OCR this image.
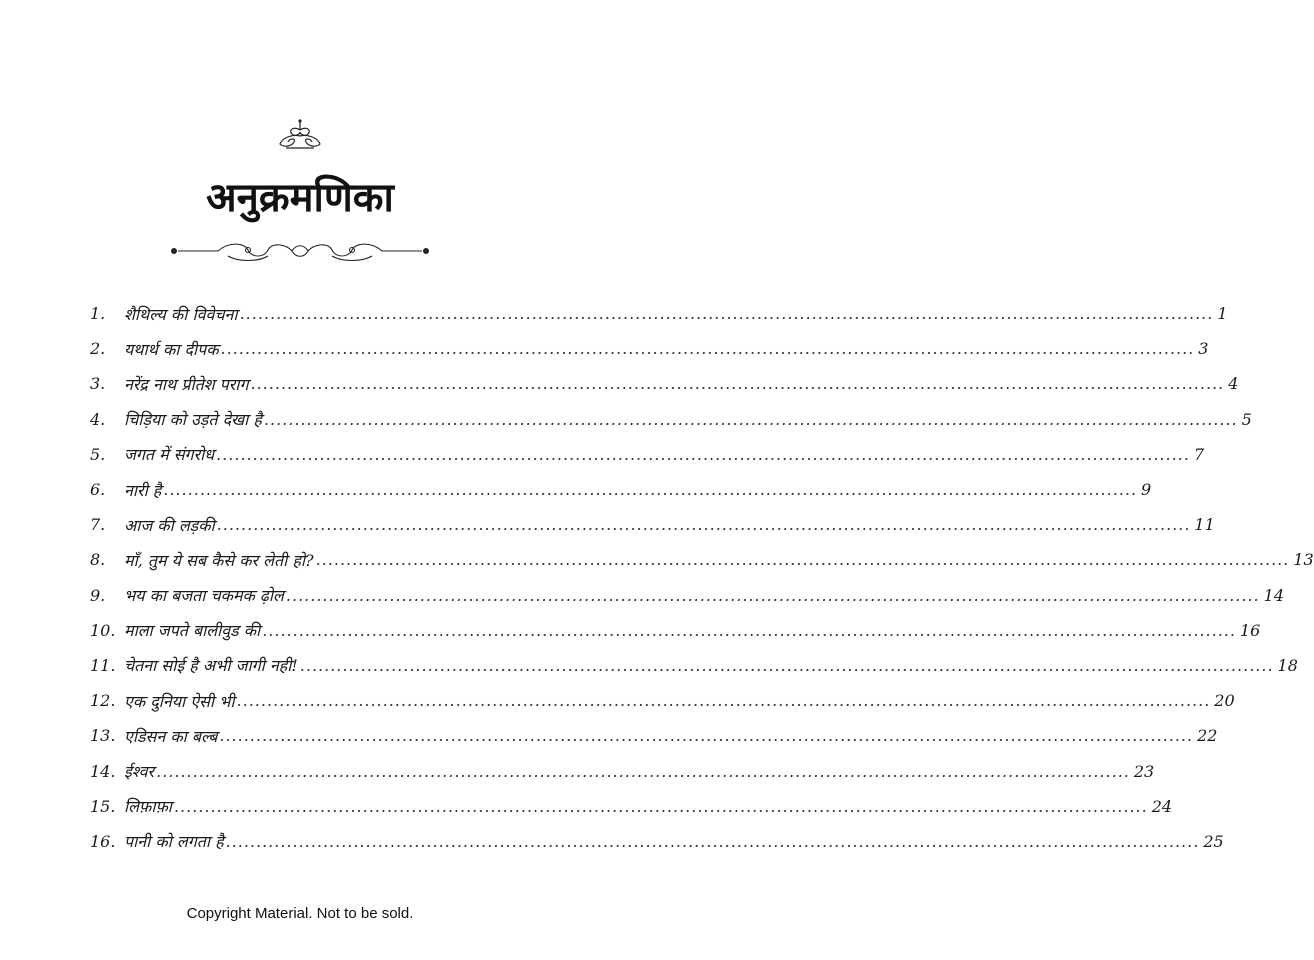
अनुक्रमणिका
1.	शैथिल्य की विवेचना ................................................................................................................................................................ 1
2.	यथार्थ का दीपक ................................................................................................................................................................ 3
3.	नरेंद्र नाथ प्रीतेश पराग ................................................................................................................................................................ 4
4.	चिड़िया को उड़ते देखा है ................................................................................................................................................................ 5
5.	जगत में संगरोध ................................................................................................................................................................ 7
6.	नारी है ................................................................................................................................................................ 9
7.	आज की लड़की ................................................................................................................................................................ 11
8.	माँ, तुम ये सब कैसे कर लेती हो? ................................................................................................................................................................ 13
9.	भय का बजता चकमक ढ़ोल ................................................................................................................................................................ 14
10. माला जपते बालीवुड की ................................................................................................................................................................ 16
11. चेतना सोई है अभी जागी नही! ................................................................................................................................................................ 18
12. एक दुनिया ऐसी भी ................................................................................................................................................................ 20
13. एडिसन का बल्ब ................................................................................................................................................................ 22
14. ईश्वर ................................................................................................................................................................ 23
15. लिफ़ाफ़ा ................................................................................................................................................................ 24
16. पानी को लगता है ................................................................................................................................................................ 25
Copyright Material. Not to be sold.
